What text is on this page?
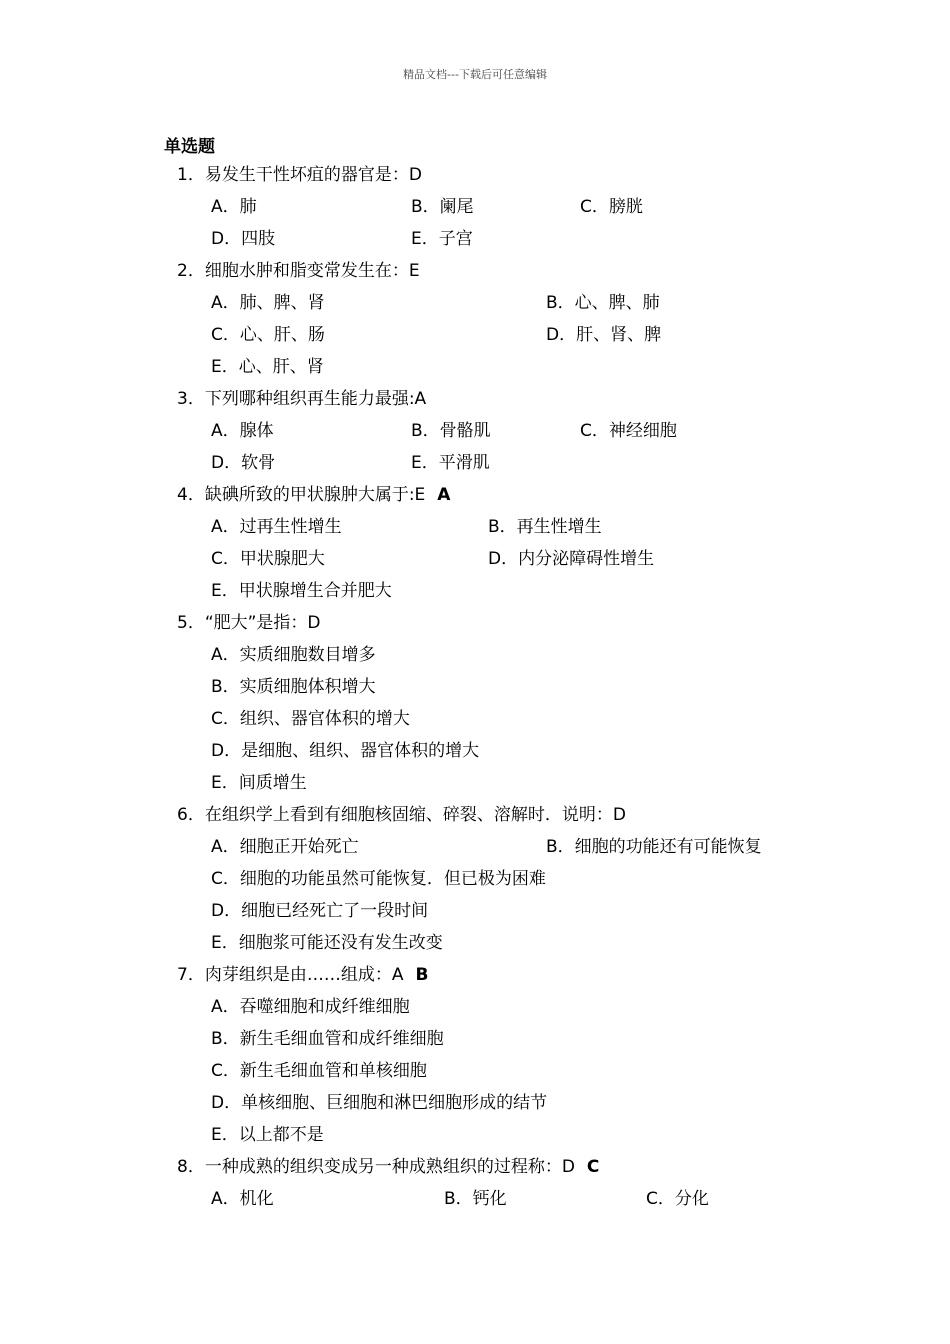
精品文档---下载后可任意编辑
单选题
1．易发生干性坏疽的器官是：D
A．肺	B．阑尾	C．膀胱
D．四肢	E．子宫
2．细胞水肿和脂变常发生在：E
A．肺、脾、肾	B．心、脾、肺
C．心、肝、肠	D．肝、肾、脾
E．心、肝、肾
3．下列哪种组织再生能力最强:A
A．腺体	B．骨骼肌	C．神经细胞
D．软骨	E．平滑肌
4．缺碘所致的甲状腺肿大属于:E A
A．过再生性增生	B．再生性增生
C．甲状腺肥大	D．内分泌障碍性增生
E．甲状腺增生合并肥大
5．“肥大”是指：D
A．实质细胞数目增多
B．实质细胞体积增大
C．组织、器官体积的增大
D．是细胞、组织、器官体积的增大
E．间质增生
6．在组织学上看到有细胞核固缩、碎裂、溶解时．说明：D
A．细胞正开始死亡	B．细胞的功能还有可能恢复
C．细胞的功能虽然可能恢复．但已极为困难
D．细胞已经死亡了一段时间
E．细胞浆可能还没有发生改变
7．肉芽组织是由……组成：A B
A．吞噬细胞和成纤维细胞
B．新生毛细血管和成纤维细胞
C．新生毛细血管和单核细胞
D．单核细胞、巨细胞和淋巴细胞形成的结节
E．以上都不是
8．一种成熟的组织变成另一种成熟组织的过程称：D C
A．机化	B．钙化	C．分化
